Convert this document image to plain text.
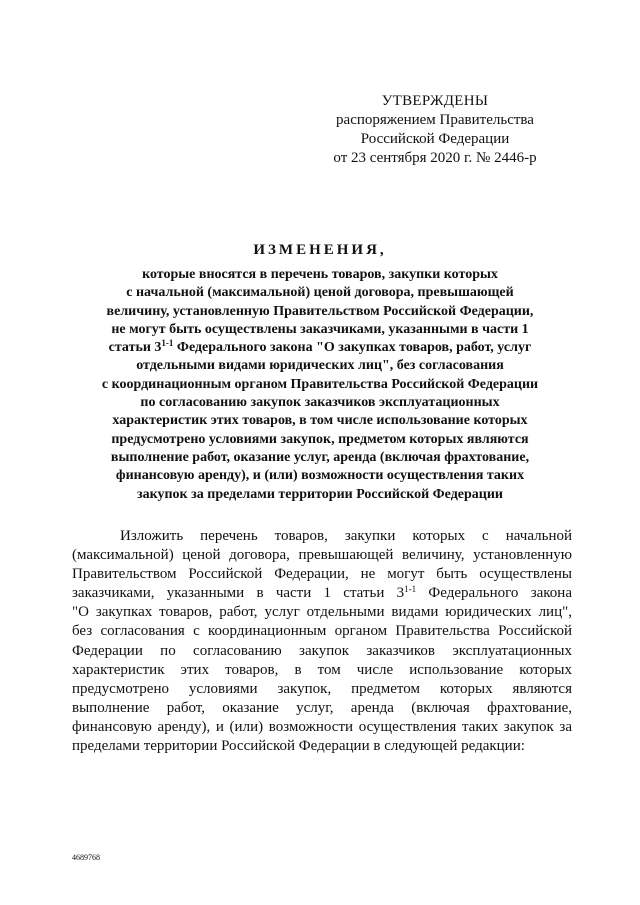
УТВЕРЖДЕНЫ
распоряжением Правительства
Российской Федерации
от 23 сентября 2020 г. № 2446-р
ИЗМЕНЕНИЯ,
которые вносятся в перечень товаров, закупки которых
с начальной (максимальной) ценой договора, превышающей
величину, установленную Правительством Российской Федерации,
не могут быть осуществлены заказчиками, указанными в части 1
статьи 3$^{1-1}$ Федерального закона "О закупках товаров, работ, услуг
отдельными видами юридических лиц", без согласования
с координационным органом Правительства Российской Федерации
по согласованию закупок заказчиков эксплуатационных
характеристик этих товаров, в том числе использование которых
предусмотрено условиями закупок, предметом которых являются
выполнение работ, оказание услуг, аренда (включая фрахтование,
финансовую аренду), и (или) возможности осуществления таких
закупок за пределами территории Российской Федерации
Изложить перечень товаров, закупки которых с начальной
(максимальной) ценой договора, превышающей величину, установленную
Правительством Российской Федерации, не могут быть осуществлены
заказчиками, указанными в части 1 статьи 3$^{1-1}$ Федерального закона
"О закупках товаров, работ, услуг отдельными видами юридических лиц",
без согласования с координационным органом Правительства Российской
Федерации по согласованию закупок заказчиков эксплуатационных
характеристик этих товаров, в том числе использование которых
предусмотрено условиями закупок, предметом которых являются
выполнение работ, оказание услуг, аренда (включая фрахтование,
финансовую аренду), и (или) возможности осуществления таких закупок за
пределами территории Российской Федерации в следующей редакции:
4689768
